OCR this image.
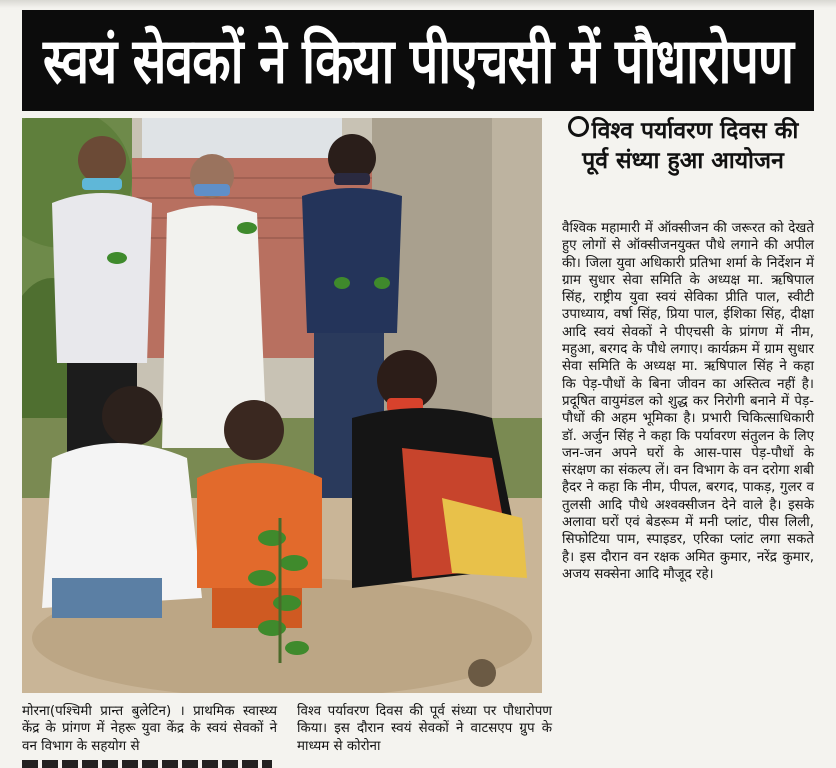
स्वयं सेवकों ने किया पीएचसी में पौधारोपण
विश्व पर्यावरण दिवस की पूर्व संध्या हुआ आयोजन

वैश्विक महामारी में ऑक्सीजन की जरूरत को देखते हुए लोगों से ऑक्सीजनयुक्त पौधे लगाने की अपील की। जिला युवा अधिकारी प्रतिभा शर्मा के निर्देशन में ग्राम सुधार सेवा समिति के अध्यक्ष मा. ऋषिपाल सिंह, राष्ट्रीय युवा स्वयं सेविका प्रीति पाल, स्वीटी उपाध्याय, वर्षा सिंह, प्रिया पाल, ईशिका सिंह, दीक्षा आदि स्वयं सेवकों ने पीएचसी के प्रांगण में नीम, महुआ, बरगद के पौधे लगाए। कार्यक्रम में ग्राम सुधार सेवा समिति के अध्यक्ष मा. ऋषिपाल सिंह ने कहा कि पेड़-पौधों के बिना जीवन का अस्तित्व नहीं है। प्रदूषित वायुमंडल को शुद्ध कर निरोगी बनाने में पेड़-पौधों की अहम भूमिका है। प्रभारी चिकित्साधिकारी डॉ. अर्जुन सिंह ने कहा कि पर्यावरण संतुलन के लिए जन-जन अपने घरों के आस-पास पेड़-पौधों के संरक्षण का संकल्प लें। वन विभाग के वन दरोगा शबी हैदर ने कहा कि नीम, पीपल, बरगद, पाकड़, गुलर व तुलसी आदि पौधे अश्वक्सीजन देने वाले है। इसके अलावा घरों एवं बेडरूम में मनी प्लांट, पीस लिली, सिफोटिया पाम, स्पाइडर, एरिका प्लांट लगा सकते है। इस दौरान वन रक्षक अमित कुमार, नरेंद्र कुमार, अजय सक्सेना आदि मौजूद रहे।

मोरना(पश्चिमी प्रान्त बुलेटिन) । प्राथमिक स्वास्थ्य केंद्र के प्रांगण में नेहरू युवा केंद्र के स्वयं सेवकों ने वन विभाग के सहयोग से

विश्व पर्यावरण दिवस की पूर्व संध्या पर पौधारोपण किया। इस दौरान स्वयं सेवकों ने वाटसएप ग्रुप के माध्यम से कोरोना
